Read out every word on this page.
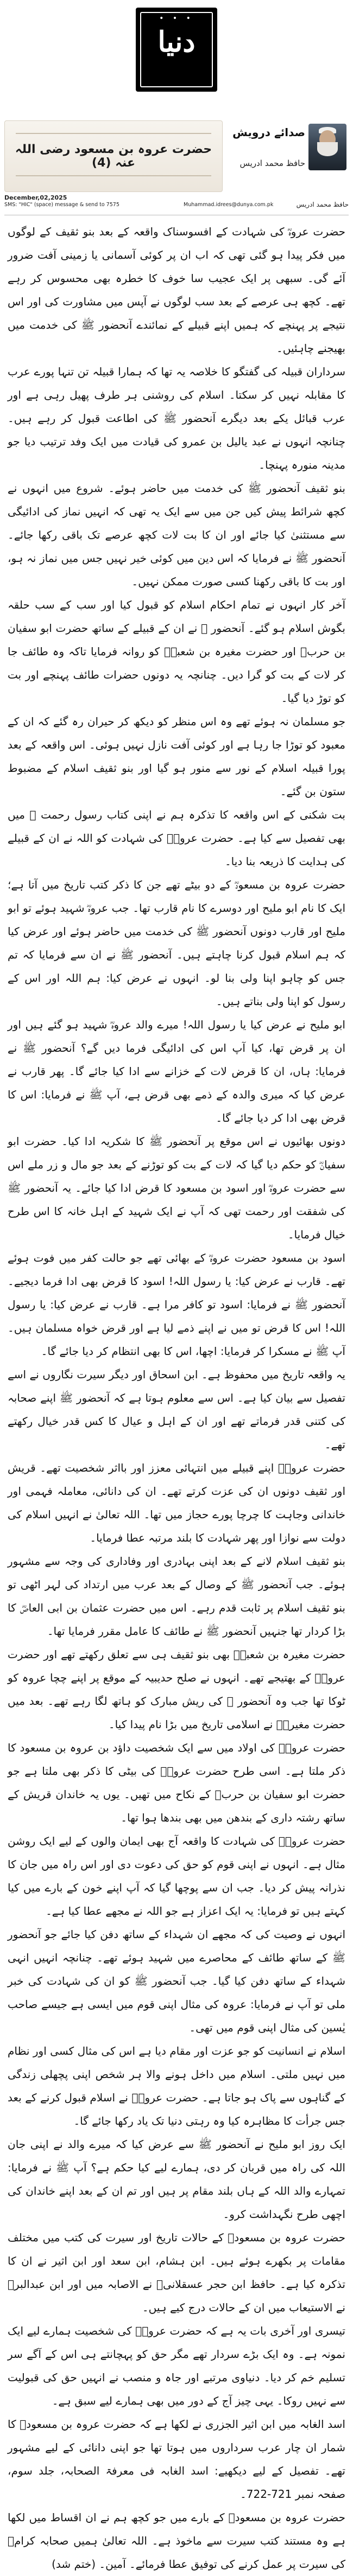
• • •
دنیا
حضرت عروہ بن مسعود رضی اللہ عنہ (4)
صدائے درویش
حافظ محمد ادریس
December,02,2025
SMS: "HIC" (space) message & send to 7575	Muhammad.idrees@dunya.com.pk	حافظ محمد ادریس

حضرت عروہؓ کی شہادت کے افسوسناک واقعہ کے بعد بنو ثقیف کے لوگوں میں فکر پیدا ہو گئی تھی کہ اب ان پر کوئی آسمانی یا زمینی آفت ضرور آئے گی۔ سبھی پر ایک عجیب سا خوف کا خطرہ بھی محسوس کر رہے تھے۔ کچھ ہی عرصے کے بعد سب لوگوں نے آپس میں مشاورت کی اور اس نتیجے پر پہنچے کہ ہمیں اپنے قبیلے کے نمائندے آنحضور ﷺ کی خدمت میں بھیجنے چاہئیں۔

سرداران قبیلہ کی گفتگو کا خلاصہ یہ تھا کہ ہمارا قبیلہ تن تنہا پورے عرب کا مقابلہ نہیں کر سکتا۔ اسلام کی روشنی ہر طرف پھیل رہی ہے اور عرب قبائل یکے بعد دیگرے آنحضور ﷺ کی اطاعت قبول کر رہے ہیں۔ چنانچہ انہوں نے عبد یالیل بن عمرو کی قیادت میں ایک وفد ترتیب دیا جو مدینہ منورہ پہنچا۔

بنو ثقیف آنحضور ﷺ کی خدمت میں حاضر ہوئے۔ شروع میں انہوں نے کچھ شرائط پیش کیں جن میں سے ایک یہ تھی کہ انہیں نماز کی ادائیگی سے مستثنیٰ کیا جائے اور ان کا بت لات کچھ عرصے تک باقی رکھا جائے۔ آنحضور ﷺ نے فرمایا کہ اس دین میں کوئی خیر نہیں جس میں نماز نہ ہو، اور بت کا باقی رکھنا کسی صورت ممکن نہیں۔

آخر کار انہوں نے تمام احکام اسلام کو قبول کیا اور سب کے سب حلقہ بگوش اسلام ہو گئے۔ آنحضور ﷺ نے ان کے قبیلے کے ساتھ حضرت ابو سفیان بن حربؓ اور حضرت مغیرہ بن شعبہؓ کو روانہ فرمایا تاکہ وہ طائف جا کر لات کے بت کو گرا دیں۔ چنانچہ یہ دونوں حضرات طائف پہنچے اور بت کو توڑ دیا گیا۔

جو مسلمان نہ ہوئے تھے وہ اس منظر کو دیکھ کر حیران رہ گئے کہ ان کے معبود کو توڑا جا رہا ہے اور کوئی آفت نازل نہیں ہوئی۔ اس واقعہ کے بعد پورا قبیلہ اسلام کے نور سے منور ہو گیا اور بنو ثقیف اسلام کے مضبوط ستون بن گئے۔

بت شکنی کے اس واقعہ کا تذکرہ ہم نے اپنی کتاب رسول رحمت ﷺ میں بھی تفصیل سے کیا ہے۔ حضرت عروہؓ کی شہادت کو اللہ نے ان کے قبیلے کی ہدایت کا ذریعہ بنا دیا۔

حضرت عروہ بن مسعودؓ کے دو بیٹے تھے جن کا ذکر کتب تاریخ میں آتا ہے؛ ایک کا نام ابو ملیح اور دوسرے کا نام قارب تھا۔ جب عروہؓ شہید ہوئے تو ابو ملیح اور قارب دونوں آنحضور ﷺ کی خدمت میں حاضر ہوئے اور عرض کیا کہ ہم اسلام قبول کرنا چاہتے ہیں۔ آنحضور ﷺ نے ان سے فرمایا کہ تم جس کو چاہو اپنا ولی بنا لو۔ انہوں نے عرض کیا: ہم اللہ اور اس کے رسول کو اپنا ولی بناتے ہیں۔

ابو ملیح نے عرض کیا یا رسول اللہ! میرے والد عروہؓ شہید ہو گئے ہیں اور ان پر قرض تھا، کیا آپ اس کی ادائیگی فرما دیں گے؟ آنحضور ﷺ نے فرمایا: ہاں، ان کا قرض لات کے خزانے سے ادا کیا جائے گا۔ پھر قارب نے عرض کیا کہ میری والدہ کے ذمے بھی قرض ہے، آپ ﷺ نے فرمایا: اس کا قرض بھی ادا کر دیا جائے گا۔

دونوں بھائیوں نے اس موقع پر آنحضور ﷺ کا شکریہ ادا کیا۔ حضرت ابو سفیانؓ کو حکم دیا گیا کہ لات کے بت کو توڑنے کے بعد جو مال و زر ملے اس سے حضرت عروہؓ اور اسود بن مسعود کا قرض ادا کیا جائے۔ یہ آنحضور ﷺ کی شفقت اور رحمت تھی کہ آپ نے ایک شہید کے اہل خانہ کا اس طرح خیال فرمایا۔

اسود بن مسعود حضرت عروہؓ کے بھائی تھے جو حالت کفر میں فوت ہوئے تھے۔ قارب نے عرض کیا: یا رسول اللہ! اسود کا قرض بھی ادا فرما دیجیے۔ آنحضور ﷺ نے فرمایا: اسود تو کافر مرا ہے۔ قارب نے عرض کیا: یا رسول اللہ! اس کا قرض تو میں نے اپنے ذمے لیا ہے اور قرض خواہ مسلمان ہیں۔ آپ ﷺ نے مسکرا کر فرمایا: اچھا، اس کا بھی انتظام کر دیا جائے گا۔

یہ واقعہ تاریخ میں محفوظ ہے۔ ابن اسحاق اور دیگر سیرت نگاروں نے اسے تفصیل سے بیان کیا ہے۔ اس سے معلوم ہوتا ہے کہ آنحضور ﷺ اپنے صحابہ کی کتنی قدر فرماتے تھے اور ان کے اہل و عیال کا کس قدر خیال رکھتے تھے۔

حضرت عروہؓ اپنے قبیلے میں انتہائی معزز اور بااثر شخصیت تھے۔ قریش اور ثقیف دونوں ان کی عزت کرتے تھے۔ ان کی دانائی، معاملہ فہمی اور خاندانی وجاہت کا چرچا پورے حجاز میں تھا۔ اللہ تعالیٰ نے انہیں اسلام کی دولت سے نوازا اور پھر شہادت کا بلند مرتبہ عطا فرمایا۔

بنو ثقیف اسلام لانے کے بعد اپنی بہادری اور وفاداری کی وجہ سے مشہور ہوئے۔ جب آنحضور ﷺ کے وصال کے بعد عرب میں ارتداد کی لہر اٹھی تو بنو ثقیف اسلام پر ثابت قدم رہے۔ اس میں حضرت عثمان بن ابی العاصؓ کا بڑا کردار تھا جنہیں آنحضور ﷺ نے طائف کا عامل مقرر فرمایا تھا۔

حضرت مغیرہ بن شعبہؓ بھی بنو ثقیف ہی سے تعلق رکھتے تھے اور حضرت عروہؓ کے بھتیجے تھے۔ انہوں نے صلح حدیبیہ کے موقع پر اپنے چچا عروہ کو ٹوکا تھا جب وہ آنحضور ﷺ کی ریش مبارک کو ہاتھ لگا رہے تھے۔ بعد میں حضرت مغیرہؓ نے اسلامی تاریخ میں بڑا نام پیدا کیا۔

حضرت عروہؓ کی اولاد میں سے ایک شخصیت داؤد بن عروہ بن مسعود کا ذکر ملتا ہے۔ اسی طرح حضرت عروہؓ کی بیٹی کا ذکر بھی ملتا ہے جو حضرت ابو سفیان بن حربؓ کے نکاح میں تھیں۔ یوں یہ خاندان قریش کے ساتھ رشتہ داری کے بندھن میں بھی بندھا ہوا تھا۔

حضرت عروہؓ کی شہادت کا واقعہ آج بھی ایمان والوں کے لیے ایک روشن مثال ہے۔ انہوں نے اپنی قوم کو حق کی دعوت دی اور اس راہ میں جان کا نذرانہ پیش کر دیا۔ جب ان سے پوچھا گیا کہ آپ اپنے خون کے بارے میں کیا کہتے ہیں تو فرمایا: یہ ایک اعزاز ہے جو اللہ نے مجھے عطا کیا ہے۔

انہوں نے وصیت کی کہ مجھے ان شہداء کے ساتھ دفن کیا جائے جو آنحضور ﷺ کے ساتھ طائف کے محاصرے میں شہید ہوئے تھے۔ چنانچہ انہیں انہی شہداء کے ساتھ دفن کیا گیا۔ جب آنحضور ﷺ کو ان کی شہادت کی خبر ملی تو آپ نے فرمایا: عروہ کی مثال اپنی قوم میں ایسی ہے جیسے صاحب یٰسین کی مثال اپنی قوم میں تھی۔

اسلام نے انسانیت کو جو عزت اور مقام دیا ہے اس کی مثال کسی اور نظام میں نہیں ملتی۔ اسلام میں داخل ہونے والا ہر شخص اپنی پچھلی زندگی کے گناہوں سے پاک ہو جاتا ہے۔ حضرت عروہؓ نے اسلام قبول کرنے کے بعد جس جرأت کا مظاہرہ کیا وہ رہتی دنیا تک یاد رکھا جائے گا۔

ایک روز ابو ملیح نے آنحضور ﷺ سے عرض کیا کہ میرے والد نے اپنی جان اللہ کی راہ میں قربان کر دی، ہمارے لیے کیا حکم ہے؟ آپ ﷺ نے فرمایا: تمہارے والد اللہ کے ہاں بلند مقام پر ہیں اور تم ان کے بعد اپنے خاندان کی اچھی طرح نگہداشت کرو۔

حضرت عروہ بن مسعودؓ کے حالات تاریخ اور سیرت کی کتب میں مختلف مقامات پر بکھرے ہوئے ہیں۔ ابن ہشام، ابن سعد اور ابن اثیر نے ان کا تذکرہ کیا ہے۔ حافظ ابن حجر عسقلانیؒ نے الاصابہ میں اور ابن عبدالبرؒ نے الاستیعاب میں ان کے حالات درج کیے ہیں۔

تیسری اور آخری بات یہ ہے کہ حضرت عروہؓ کی شخصیت ہمارے لیے ایک نمونہ ہے۔ وہ ایک بڑے سردار تھے مگر حق کو پہچانتے ہی اس کے آگے سر تسلیم خم کر دیا۔ دنیاوی مرتبے اور جاہ و منصب نے انہیں حق کی قبولیت سے نہیں روکا۔ یہی چیز آج کے دور میں بھی ہمارے لیے سبق ہے۔

اسد الغابہ میں ابن اثیر الجزری نے لکھا ہے کہ حضرت عروہ بن مسعودؓ کا شمار ان چار عرب سرداروں میں ہوتا تھا جو اپنی دانائی کے لیے مشہور تھے۔ تفصیل کے لیے دیکھیے: اسد الغابہ فی معرفۃ الصحابہ، جلد سوم، صفحہ نمبر 721-722۔

حضرت عروہ بن مسعودؓ کے بارے میں جو کچھ ہم نے ان اقساط میں لکھا ہے وہ مستند کتب سیرت سے ماخوذ ہے۔ اللہ تعالیٰ ہمیں صحابہ کرامؓ کی سیرت پر عمل کرنے کی توفیق عطا فرمائے۔ آمین۔ (ختم شد)
